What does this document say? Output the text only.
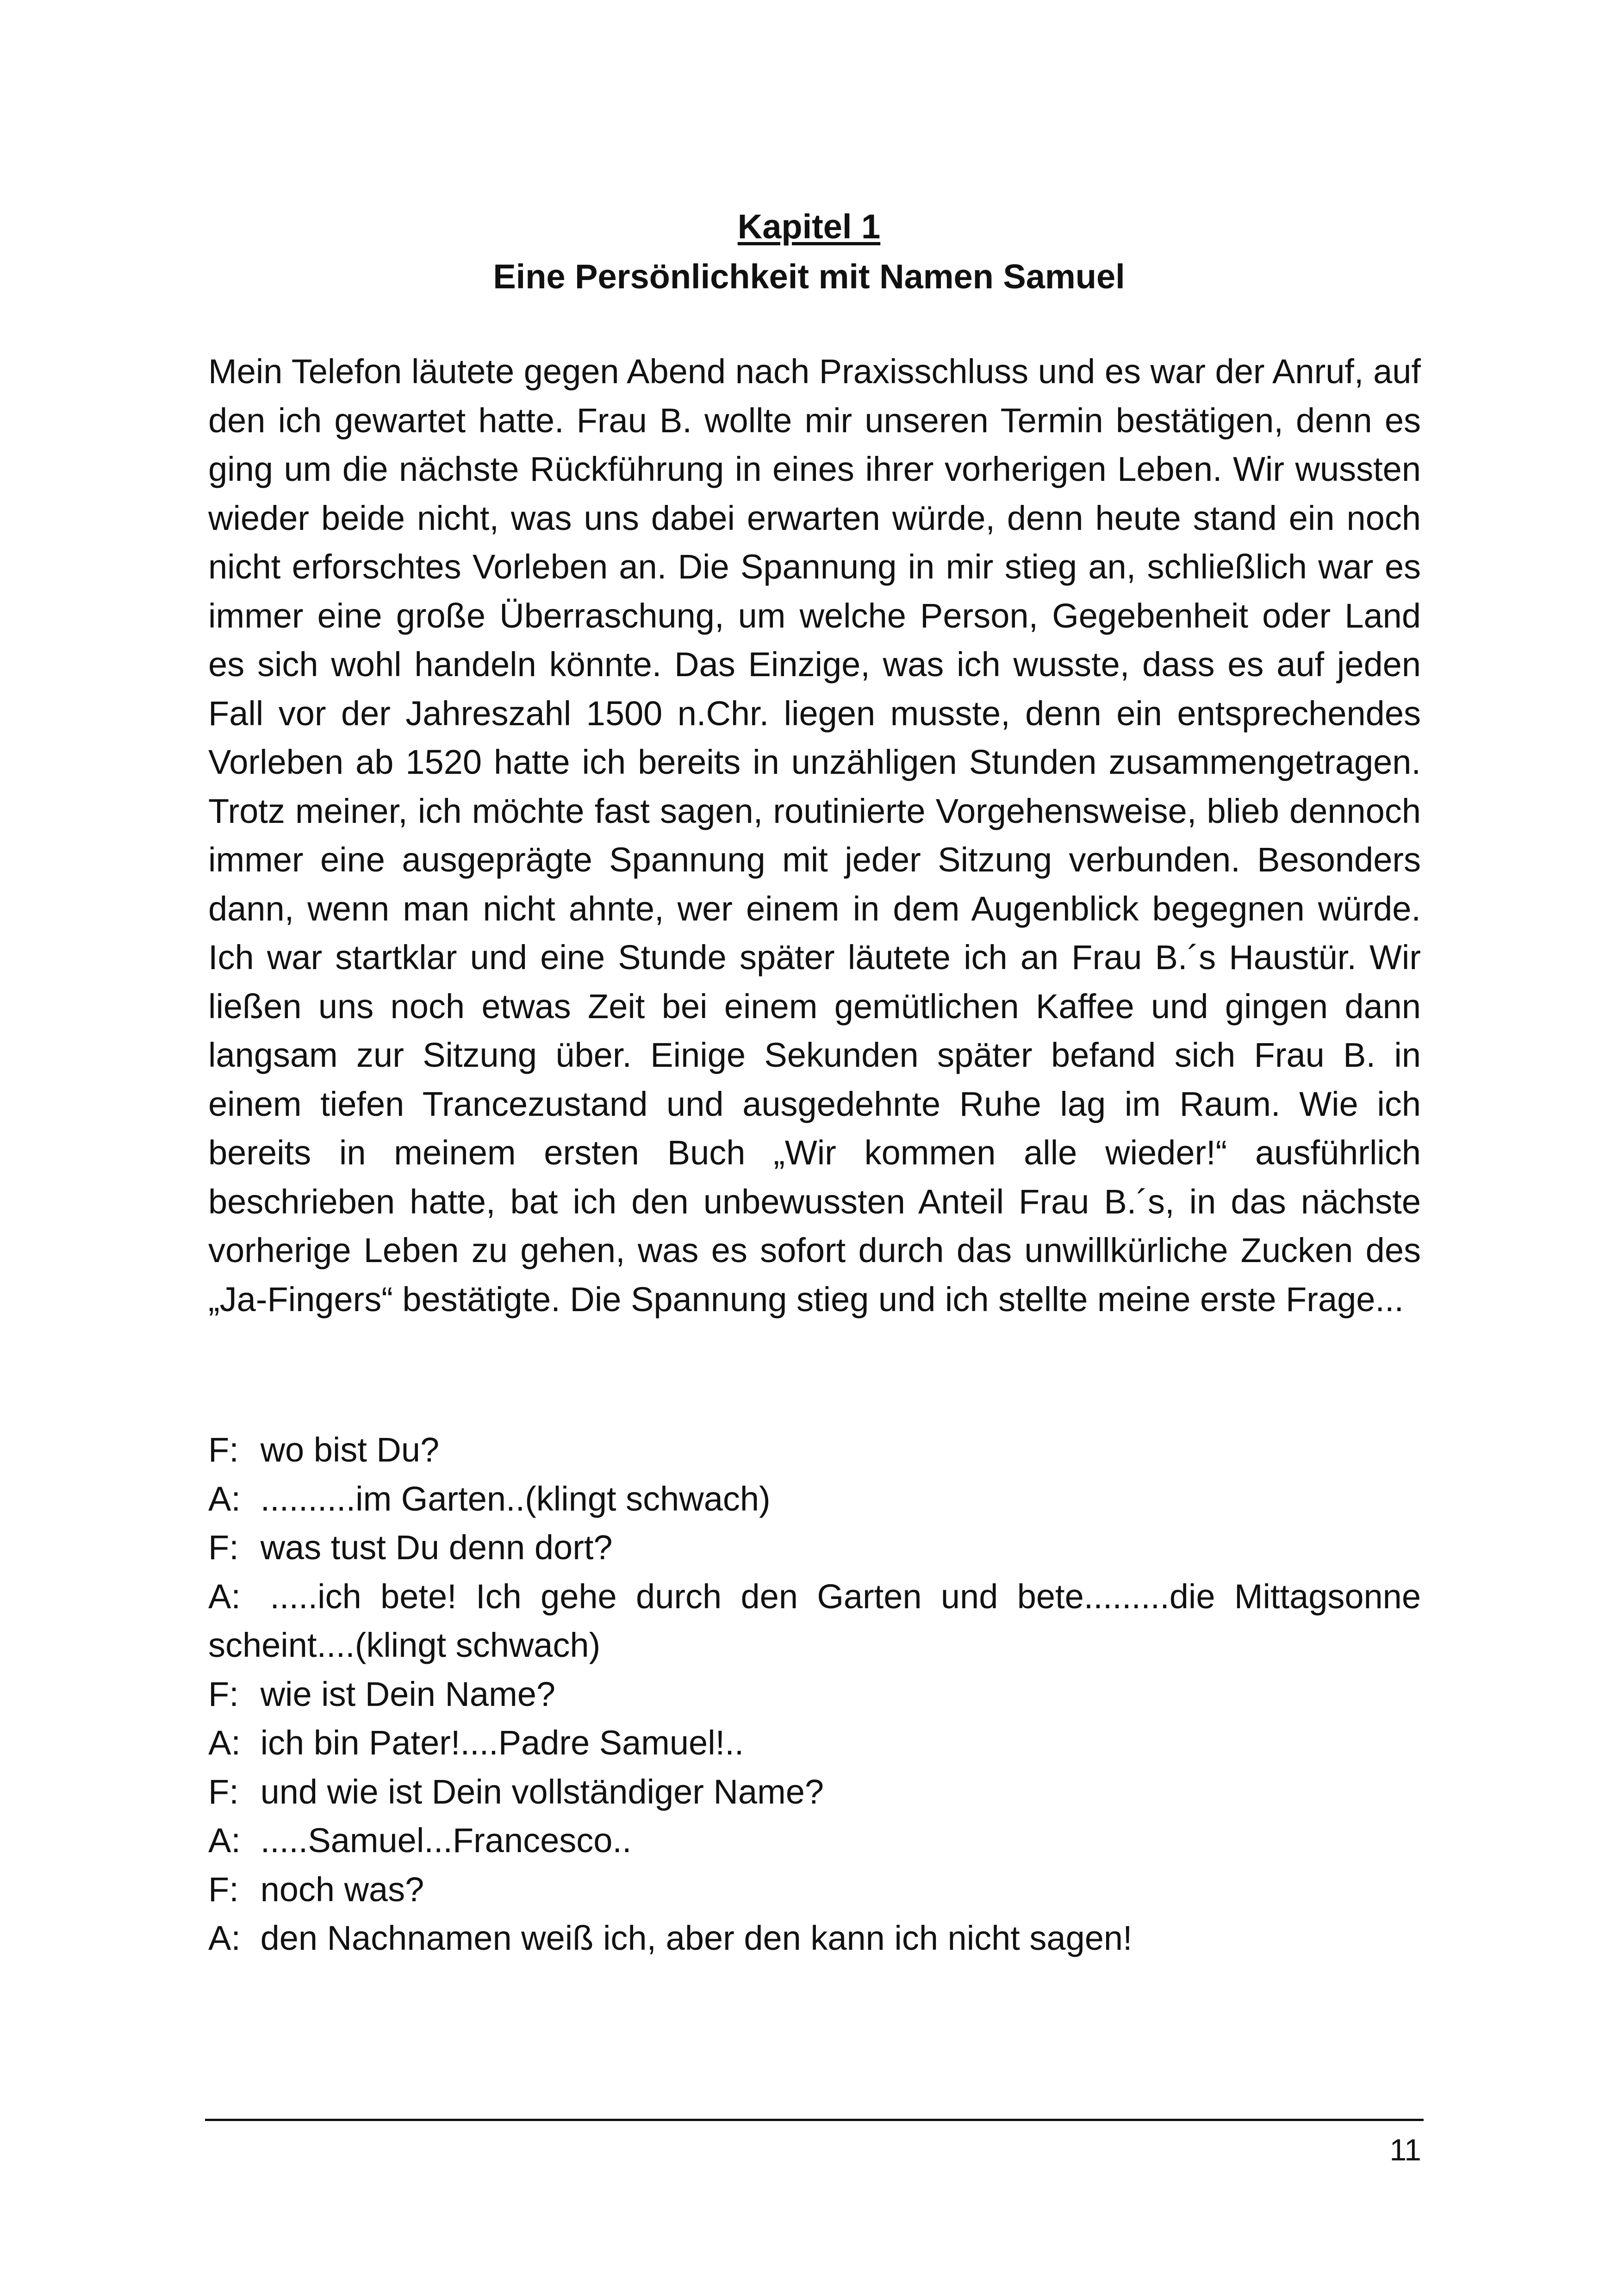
Kapitel 1
Eine Persönlichkeit mit Namen Samuel

Mein Telefon läutete gegen Abend nach Praxisschluss und es war der Anruf, auf den ich gewartet hatte. Frau B. wollte mir unseren Termin bestätigen, denn es ging um die nächste Rückführung in eines ihrer vorherigen Leben. Wir wussten wieder beide nicht, was uns dabei erwarten würde, denn heute stand ein noch nicht erforschtes Vorleben an. Die Spannung in mir stieg an, schließlich war es immer eine große Überraschung, um welche Person, Gegebenheit oder Land es sich wohl handeln könnte. Das Einzige, was ich wusste, dass es auf jeden Fall vor der Jahreszahl 1500 n.Chr. liegen musste, denn ein entsprechendes Vorleben ab 1520 hatte ich bereits in unzähligen Stunden zusammengetragen. Trotz meiner, ich möchte fast sagen, routinierte Vorgehensweise, blieb dennoch immer eine ausgeprägte Spannung mit jeder Sitzung verbunden. Besonders dann, wenn man nicht ahnte, wer einem in dem Augenblick begegnen würde. Ich war startklar und eine Stunde später läutete ich an Frau B.´s Haustür. Wir ließen uns noch etwas Zeit bei einem gemütlichen Kaffee und gingen dann langsam zur Sitzung über. Einige Sekunden später befand sich Frau B. in einem tiefen Trancezustand und ausgedehnte Ruhe lag im Raum. Wie ich bereits in meinem ersten Buch „Wir kommen alle wieder!“ ausführlich beschrieben hatte, bat ich den unbewussten Anteil Frau B.´s, in das nächste vorherige Leben zu gehen, was es sofort durch das unwillkürliche Zucken des „Ja-Fingers“ bestätigte. Die Spannung stieg und ich stellte meine erste Frage...

F: wo bist Du?

A: ..........im Garten..(klingt schwach)

F: was tust Du denn dort?

A: .....ich bete! Ich gehe durch den Garten und bete.........die Mittagsonne scheint....(klingt schwach)

F: wie ist Dein Name?

A: ich bin Pater!....Padre Samuel!..

F: und wie ist Dein vollständiger Name?

A: .....Samuel...Francesco..

F: noch was?

A: den Nachnamen weiß ich, aber den kann ich nicht sagen!

11
